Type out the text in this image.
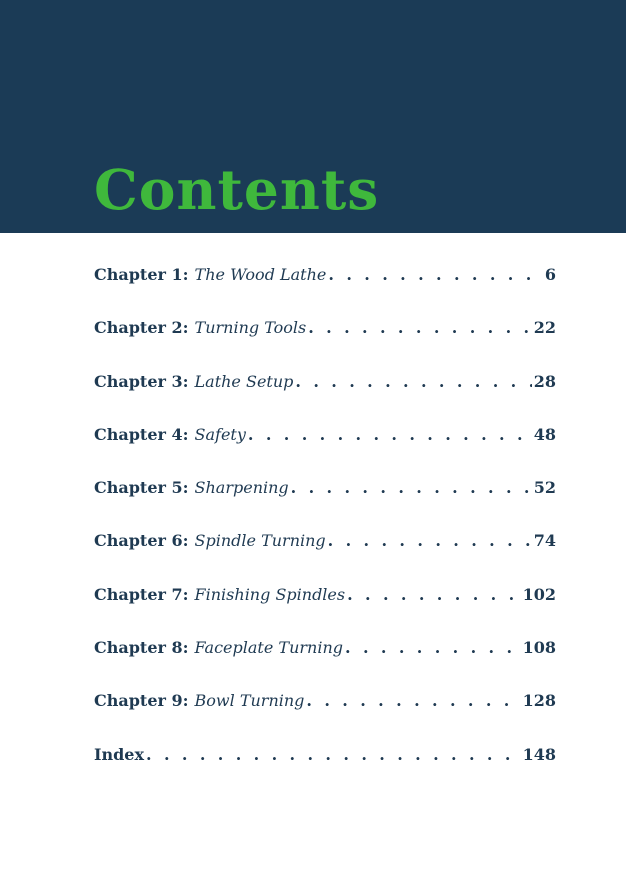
Contents
Chapter 1: The Wood Lathe . . .	6
Chapter 2: Turning Tools . . .	22
Chapter 3: Lathe Setup . . .	28
Chapter 4: Safety . . .	48
Chapter 5: Sharpening . . .	52
Chapter 6: Spindle Turning . . .	74
Chapter 7: Finishing Spindles . . .	102
Chapter 8: Faceplate Turning . . .	108
Chapter 9: Bowl Turning . . .	128
Index . . .	148
